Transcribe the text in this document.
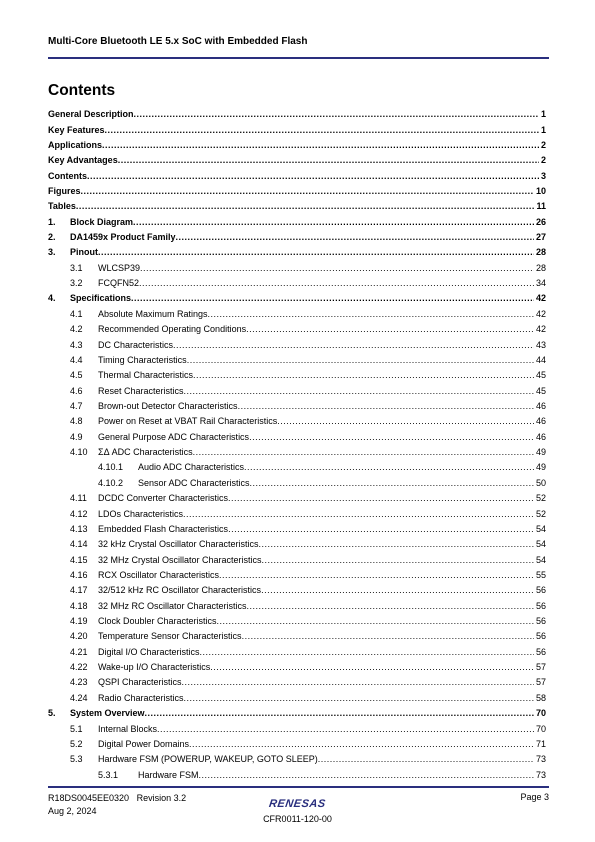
Multi-Core Bluetooth LE 5.x SoC with Embedded Flash
Contents
General Description .....	1
Key Features .....	1
Applications .....	2
Key Advantages .....	2
Contents .....	3
Figures .....	10
Tables .....	11
1.	Block Diagram .....	26
2.	DA1459x Product Family .....	27
3.	Pinout .....	28
3.1	WLCSP39 .....	28
3.2	FCQFN52 .....	34
4.	Specifications .....	42
4.1	Absolute Maximum Ratings .....	42
4.2	Recommended Operating Conditions .....	42
4.3	DC Characteristics .....	43
4.4	Timing Characteristics .....	44
4.5	Thermal Characteristics .....	45
4.6	Reset Characteristics .....	45
4.7	Brown-out Detector Characteristics .....	46
4.8	Power on Reset at VBAT Rail Characteristics .....	46
4.9	General Purpose ADC Characteristics .....	46
4.10	ΣΔ ADC Characteristics .....	49
4.10.1	Audio ADC Characteristics .....	49
4.10.2	Sensor ADC Characteristics .....	50
4.11	DCDC Converter Characteristics .....	52
4.12	LDOs Characteristics .....	52
4.13	Embedded Flash Characteristics .....	54
4.14	32 kHz Crystal Oscillator Characteristics .....	54
4.15	32 MHz Crystal Oscillator Characteristics .....	54
4.16	RCX Oscillator Characteristics .....	55
4.17	32/512 kHz RC Oscillator Characteristics .....	56
4.18	32 MHz RC Oscillator Characteristics .....	56
4.19	Clock Doubler Characteristics .....	56
4.20	Temperature Sensor Characteristics .....	56
4.21	Digital I/O Characteristics .....	56
4.22	Wake-up I/O Characteristics .....	57
4.23	QSPI Characteristics .....	57
4.24	Radio Characteristics .....	58
5.	System Overview .....	70
5.1	Internal Blocks .....	70
5.2	Digital Power Domains .....	71
5.3	Hardware FSM (POWERUP, WAKEUP, GOTO SLEEP) .....	73
5.3.1	Hardware FSM .....	73
R18DS0045EE0320 Revision 3.2
Aug 2, 2024
RENESAS
CFR0011-120-00
Page 3
